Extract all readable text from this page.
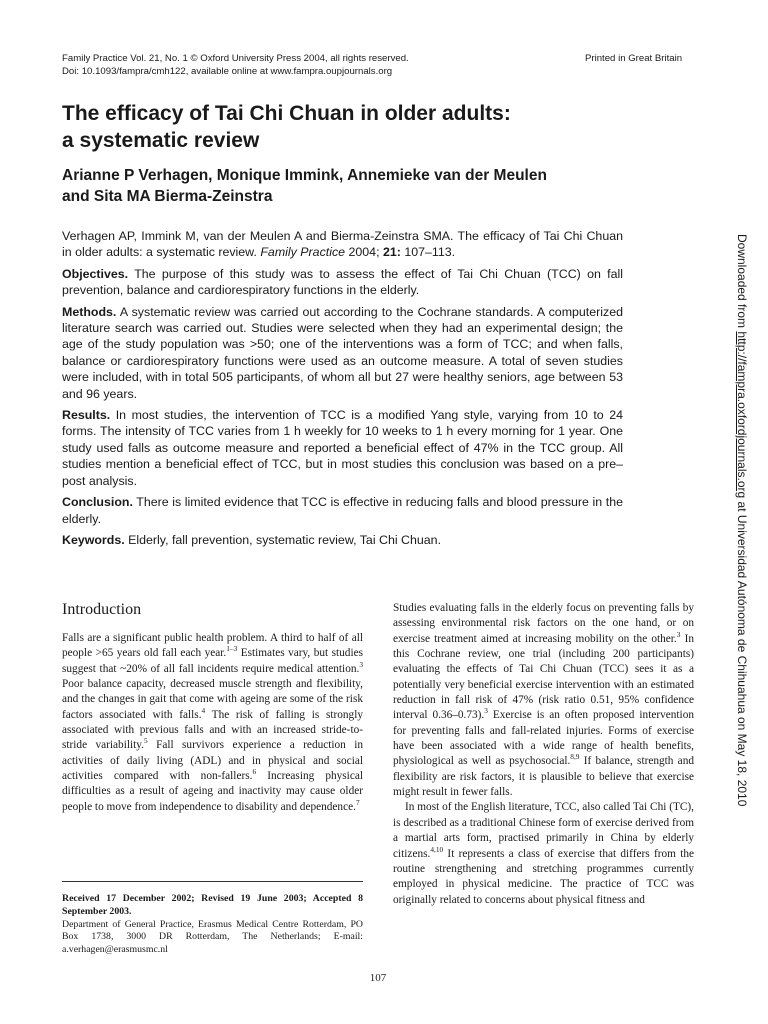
Family Practice Vol. 21, No. 1 © Oxford University Press 2004, all rights reserved.
Doi: 10.1093/fampra/cmh122, available online at www.fampra.oupjournals.org
Printed in Great Britain
The efficacy of Tai Chi Chuan in older adults:
a systematic review
Arianne P Verhagen, Monique Immink, Annemieke van der Meulen
and Sita MA Bierma-Zeinstra

Verhagen AP, Immink M, van der Meulen A and Bierma-Zeinstra SMA. The efficacy of Tai Chi Chuan in older adults: a systematic review. Family Practice 2004; 21: 107–113.

Objectives. The purpose of this study was to assess the effect of Tai Chi Chuan (TCC) on fall prevention, balance and cardiorespiratory functions in the elderly.

Methods. A systematic review was carried out according to the Cochrane standards. A computerized literature search was carried out. Studies were selected when they had an experimental design; the age of the study population was >50; one of the interventions was a form of TCC; and when falls, balance or cardiorespiratory functions were used as an outcome measure. A total of seven studies were included, with in total 505 participants, of whom all but 27 were healthy seniors, age between 53 and 96 years.

Results. In most studies, the intervention of TCC is a modified Yang style, varying from 10 to 24 forms. The intensity of TCC varies from 1 h weekly for 10 weeks to 1 h every morning for 1 year. One study used falls as outcome measure and reported a beneficial effect of 47% in the TCC group. All studies mention a beneficial effect of TCC, but in most studies this conclusion was based on a pre–post analysis.

Conclusion. There is limited evidence that TCC is effective in reducing falls and blood pressure in the elderly.

Keywords. Elderly, fall prevention, systematic review, Tai Chi Chuan.

Downloaded from http://fampra.oxfordjournals.org at Universidad Autónoma de Chihuahua on May 18, 2010
Introduction

Falls are a significant public health problem. A third to half of all people >65 years old fall each year.$^{1-3}$ Estimates vary, but studies suggest that ~20% of all fall incidents require medical attention.$^3$ Poor balance capacity, decreased muscle strength and flexibility, and the changes in gait that come with ageing are some of the risk factors associated with falls.$^4$ The risk of falling is strongly associated with previous falls and with an increased stride-to-stride variability.$^5$ Fall survivors experience a reduction in activities of daily living (ADL) and in physical and social activities compared with non-fallers.$^6$ Increasing physical difficulties as a result of ageing and inactivity may cause older people to move from independence to disability and dependence.$^7$

Received 17 December 2002; Revised 19 June 2003; Accepted 8 September 2003.

Department of General Practice, Erasmus Medical Centre Rotterdam, PO Box 1738, 3000 DR Rotterdam, The Netherlands; E-mail: a.verhagen@erasmusmc.nl

Studies evaluating falls in the elderly focus on preventing falls by assessing environmental risk factors on the one hand, or on exercise treatment aimed at increasing mobility on the other.$^3$ In this Cochrane review, one trial (including 200 participants) evaluating the effects of Tai Chi Chuan (TCC) sees it as a potentially very beneficial exercise intervention with an estimated reduction in fall risk of 47% (risk ratio 0.51, 95% confidence interval 0.36–0.73).$^3$ Exercise is an often proposed intervention for preventing falls and fall-related injuries. Forms of exercise have been associated with a wide range of health benefits, physiological as well as psychosocial.$^{8,9}$ If balance, strength and flexibility are risk factors, it is plausible to believe that exercise might result in fewer falls.

In most of the English literature, TCC, also called Tai Chi (TC), is described as a traditional Chinese form of exercise derived from a martial arts form, practised primarily in China by elderly citizens.$^{4,10}$ It represents a class of exercise that differs from the routine strengthening and stretching programmes currently employed in physical medicine. The practice of TCC was originally related to concerns about physical fitness and

107
